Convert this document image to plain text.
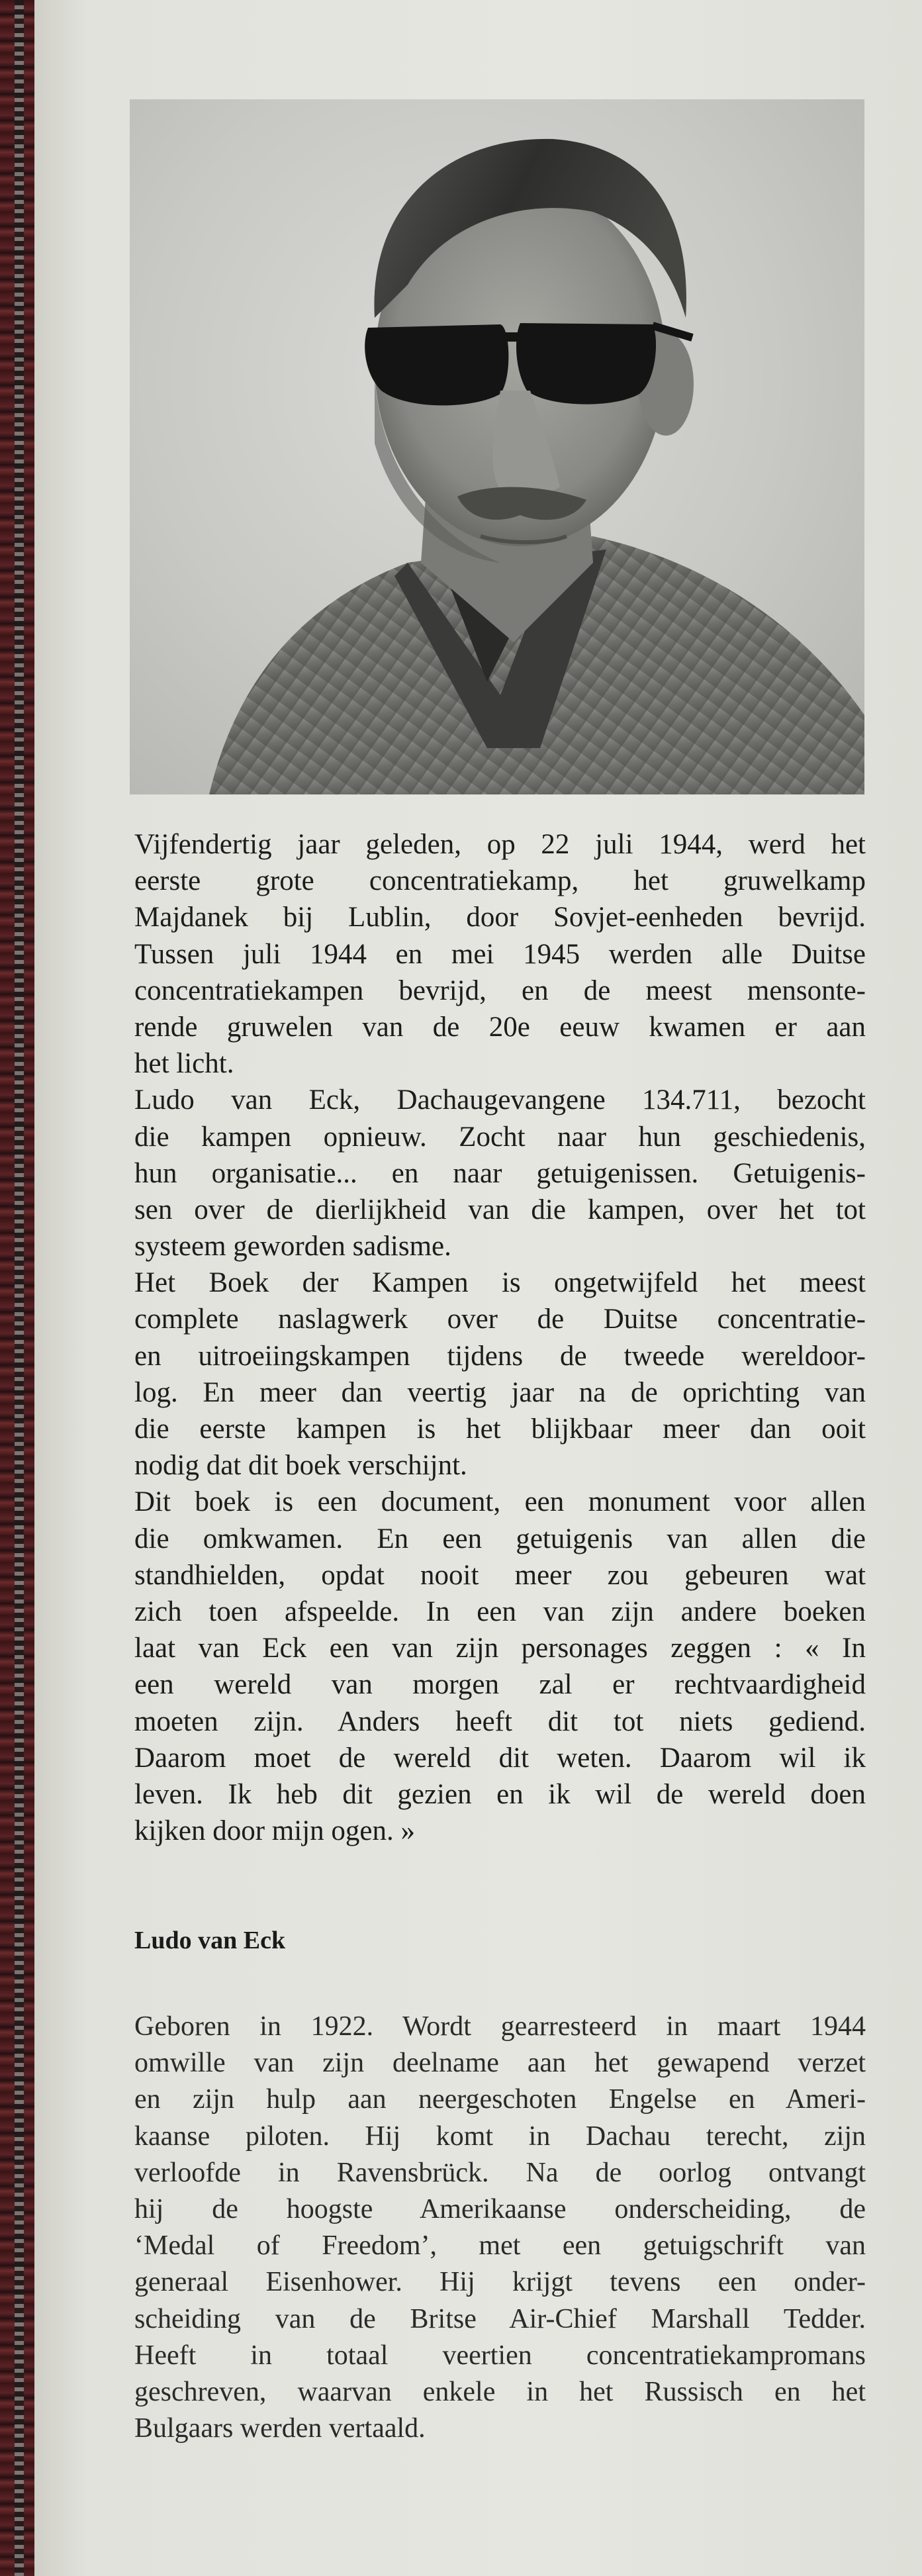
Vijfendertig jaar geleden, op 22 juli 1944, werd het
eerste grote concentratiekamp, het gruwelkamp
Majdanek bij Lublin, door Sovjet-eenheden bevrijd.
Tussen juli 1944 en mei 1945 werden alle Duitse
concentratiekampen bevrijd, en de meest mensonte-
rende gruwelen van de 20e eeuw kwamen er aan
het licht.
Ludo van Eck, Dachaugevangene 134.711, bezocht
die kampen opnieuw. Zocht naar hun geschiedenis,
hun organisatie... en naar getuigenissen. Getuigenis-
sen over de dierlijkheid van die kampen, over het tot
systeem geworden sadisme.
Het Boek der Kampen is ongetwijfeld het meest
complete naslagwerk over de Duitse concentratie-
en uitroeiingskampen tijdens de tweede wereldoor-
log. En meer dan veertig jaar na de oprichting van
die eerste kampen is het blijkbaar meer dan ooit
nodig dat dit boek verschijnt.
Dit boek is een document, een monument voor allen
die omkwamen. En een getuigenis van allen die
standhielden, opdat nooit meer zou gebeuren wat
zich toen afspeelde. In een van zijn andere boeken
laat van Eck een van zijn personages zeggen : « In
een wereld van morgen zal er rechtvaardigheid
moeten zijn. Anders heeft dit tot niets gediend.
Daarom moet de wereld dit weten. Daarom wil ik
leven. Ik heb dit gezien en ik wil de wereld doen
kijken door mijn ogen. »
Ludo van Eck
Geboren in 1922. Wordt gearresteerd in maart 1944
omwille van zijn deelname aan het gewapend verzet
en zijn hulp aan neergeschoten Engelse en Ameri-
kaanse piloten. Hij komt in Dachau terecht, zijn
verloofde in Ravensbrück. Na de oorlog ontvangt
hij de hoogste Amerikaanse onderscheiding, de
‘Medal of Freedom’, met een getuigschrift van
generaal Eisenhower. Hij krijgt tevens een onder-
scheiding van de Britse Air-Chief Marshall Tedder.
Heeft in totaal veertien concentratiekampromans
geschreven, waarvan enkele in het Russisch en het
Bulgaars werden vertaald.
